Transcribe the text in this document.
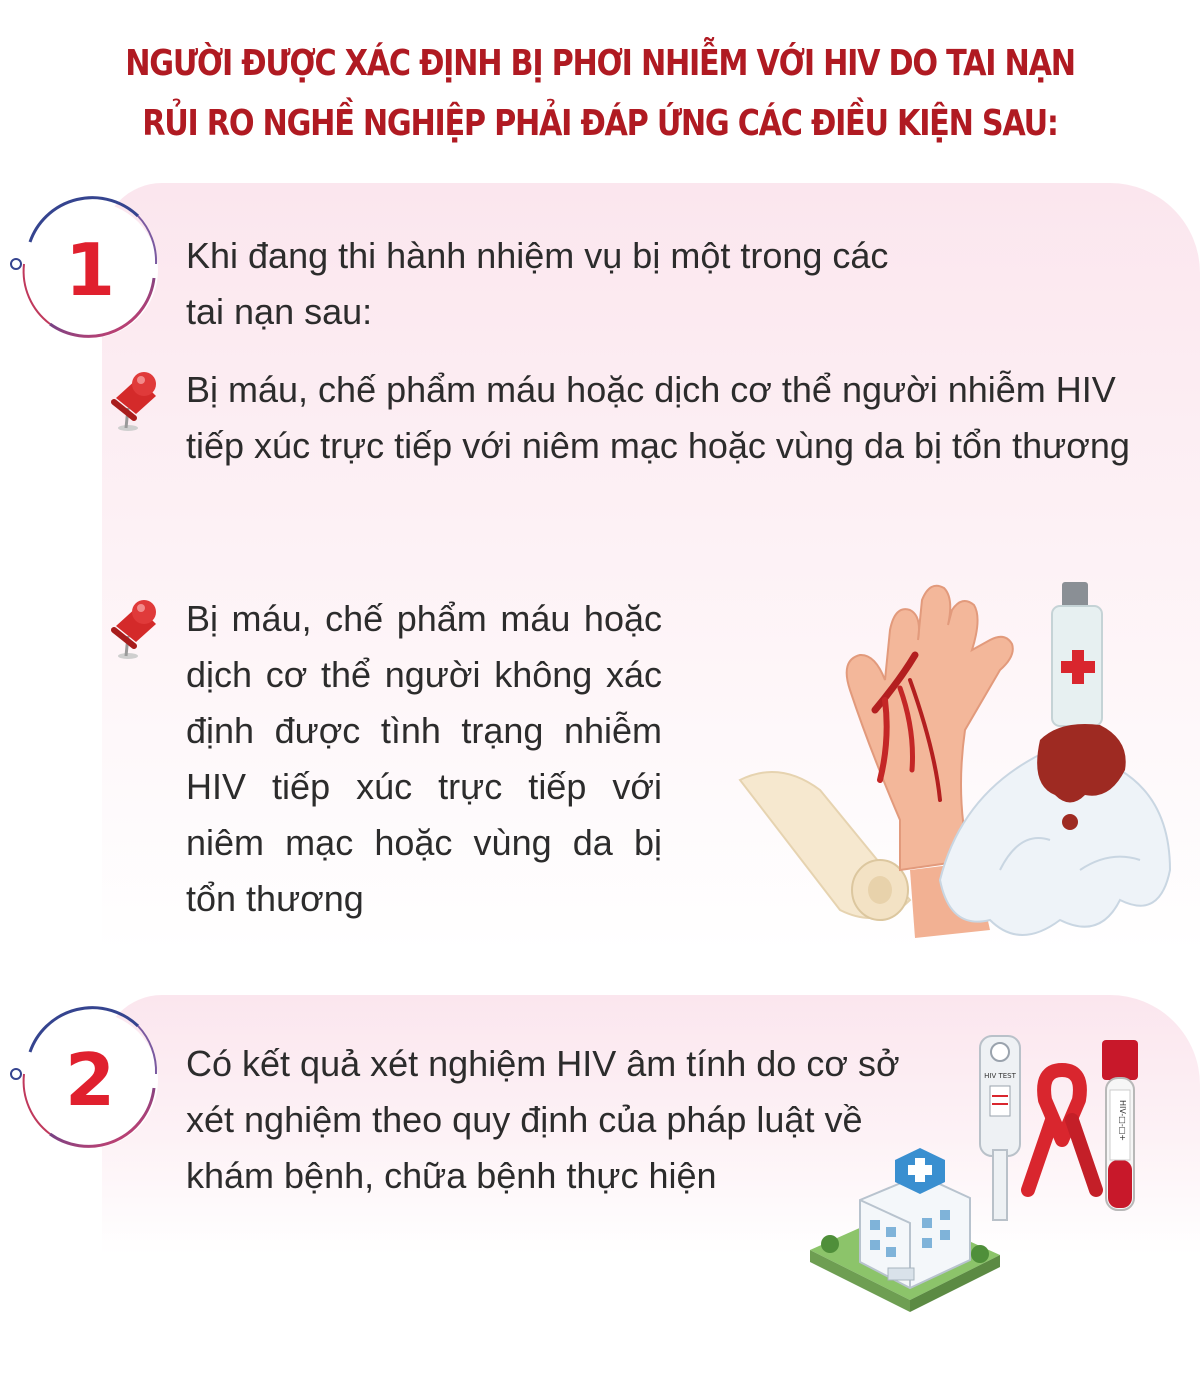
NGƯỜI ĐƯỢC XÁC ĐỊNH BỊ PHƠI NHIỄM VỚI HIV DO TAI NẠN
RỦI RO NGHỀ NGHIỆP PHẢI ĐÁP ỨNG CÁC ĐIỀU KIỆN SAU:
1	Khi đang thi hành nhiệm vụ bị một trong các
tai nạn sau:
Bị máu, chế phẩm máu hoặc dịch cơ thể người nhiễm HIV tiếp xúc trực tiếp với niêm mạc hoặc vùng da bị tổn thương
Bị máu, chế phẩm máu hoặc dịch cơ thể người không xác định được tình trạng nhiễm HIV tiếp xúc trực tiếp với niêm mạc hoặc vùng da bị tổn thương
2	Có kết quả xét nghiệm HIV âm tính do cơ sở xét nghiệm theo quy định của pháp luật về khám bệnh, chữa bệnh thực hiện
HIV TEST
HIV-□-□+
